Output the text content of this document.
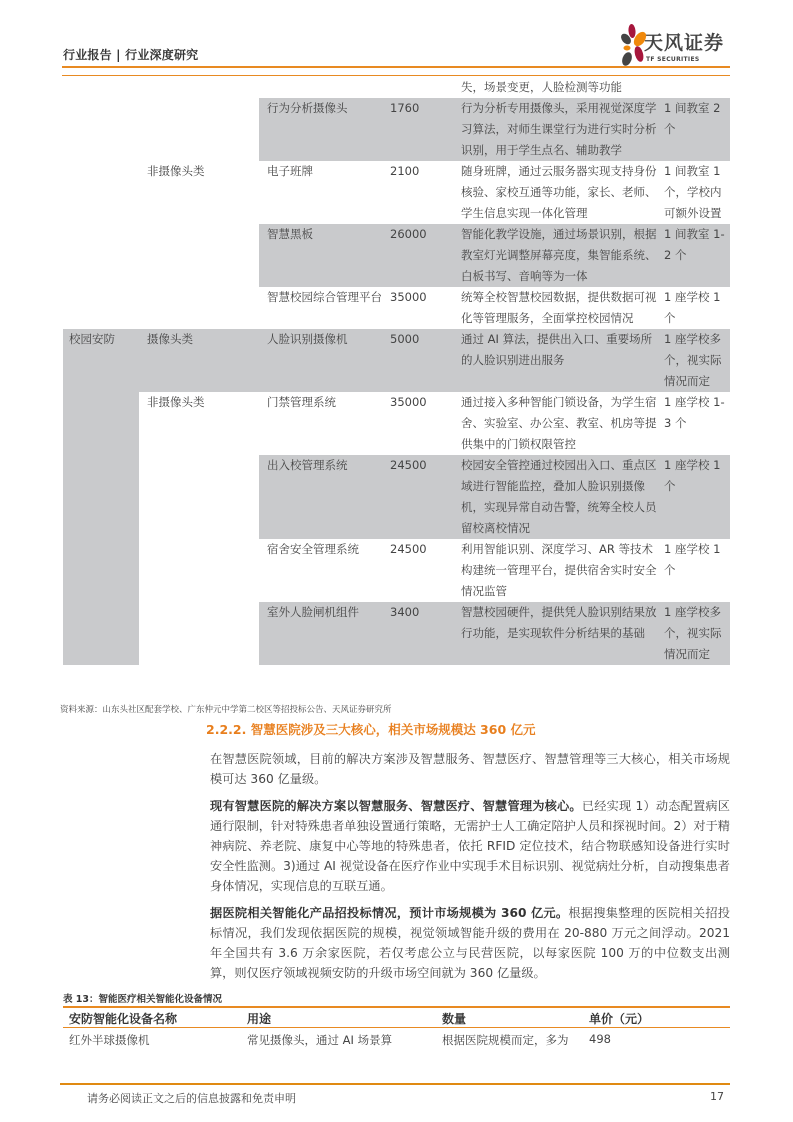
行业报告 | 行业深度研究
天风证券
TF SECURITIES
				失，场景变更，人脸检测等功能	
		行为分析摄像头	1760	行为分析专用摄像头，采用视觉深度学习算法，对师生课堂行为进行实时分析识别，用于学生点名、辅助教学	1 间教室 2 个
	非摄像头类	电子班牌	2100	随身班牌，通过云服务器实现支持身份核验、家校互通等功能，家长、老师、学生信息实现一体化管理	1 间教室 1 个，学校内可额外设置
		智慧黑板	26000	智能化教学设施，通过场景识别，根据教室灯光调整屏幕亮度，集智能系统、白板书写、音响等为一体	1 间教室 1-2 个
		智慧校园综合管理平台	35000	统筹全校智慧校园数据，提供数据可视化等管理服务，全面掌控校园情况	1 座学校 1 个
校园安防	摄像头类	人脸识别摄像机	5000	通过 AI 算法，提供出入口、重要场所的人脸识别进出服务	1 座学校多个，视实际情况而定
	非摄像头类	门禁管理系统	35000	通过接入多种智能门锁设备，为学生宿舍、实验室、办公室、教室、机房等提供集中的门锁权限管控	1 座学校 1-3 个
		出入校管理系统	24500	校园安全管控通过校园出入口、重点区域进行智能监控，叠加人脸识别摄像机，实现异常自动告警，统筹全校人员留校离校情况	1 座学校 1 个
		宿舍安全管理系统	24500	利用智能识别、深度学习、AR 等技术构建统一管理平台，提供宿舍实时安全情况监管	1 座学校 1 个
		室外人脸闸机组件	3400	智慧校园硬件，提供凭人脸识别结果放行功能，是实现软件分析结果的基础	1 座学校多个，视实际情况而定
资料来源：山东头社区配套学校、广东仲元中学第二校区等招投标公告、天风证券研究所
2.2.2. 智慧医院涉及三大核心，相关市场规模达 360 亿元
在智慧医院领域，目前的解决方案涉及智慧服务、智慧医疗、智慧管理等三大核心，相关市场规模可达 360 亿量级。
现有智慧医院的解决方案以智慧服务、智慧医疗、智慧管理为核心。已经实现 1）动态配置病区通行限制，针对特殊患者单独设置通行策略，无需护士人工确定陪护人员和探视时间。2）对于精神病院、养老院、康复中心等地的特殊患者，依托 RFID 定位技术，结合物联感知设备进行实时安全性监测。3)通过 AI 视觉设备在医疗作业中实现手术目标识别、视觉病灶分析，自动搜集患者身体情况，实现信息的互联互通。
据医院相关智能化产品招投标情况，预计市场规模为 360 亿元。根据搜集整理的医院相关招投标情况，我们发现依据医院的规模，视觉领域智能升级的费用在 20-880 万元之间浮动。2021 年全国共有 3.6 万余家医院，若仅考虑公立与民营医院，以每家医院 100 万的中位数支出测算，则仅医疗领域视频安防的升级市场空间就为 360 亿量级。
表 13：智能医疗相关智能化设备情况
安防智能化设备名称	用途	数量	单价（元）
红外半球摄像机	常见摄像头，通过 AI 场景算	根据医院规模而定，多为 498
请务必阅读正文之后的信息披露和免责申明	17
